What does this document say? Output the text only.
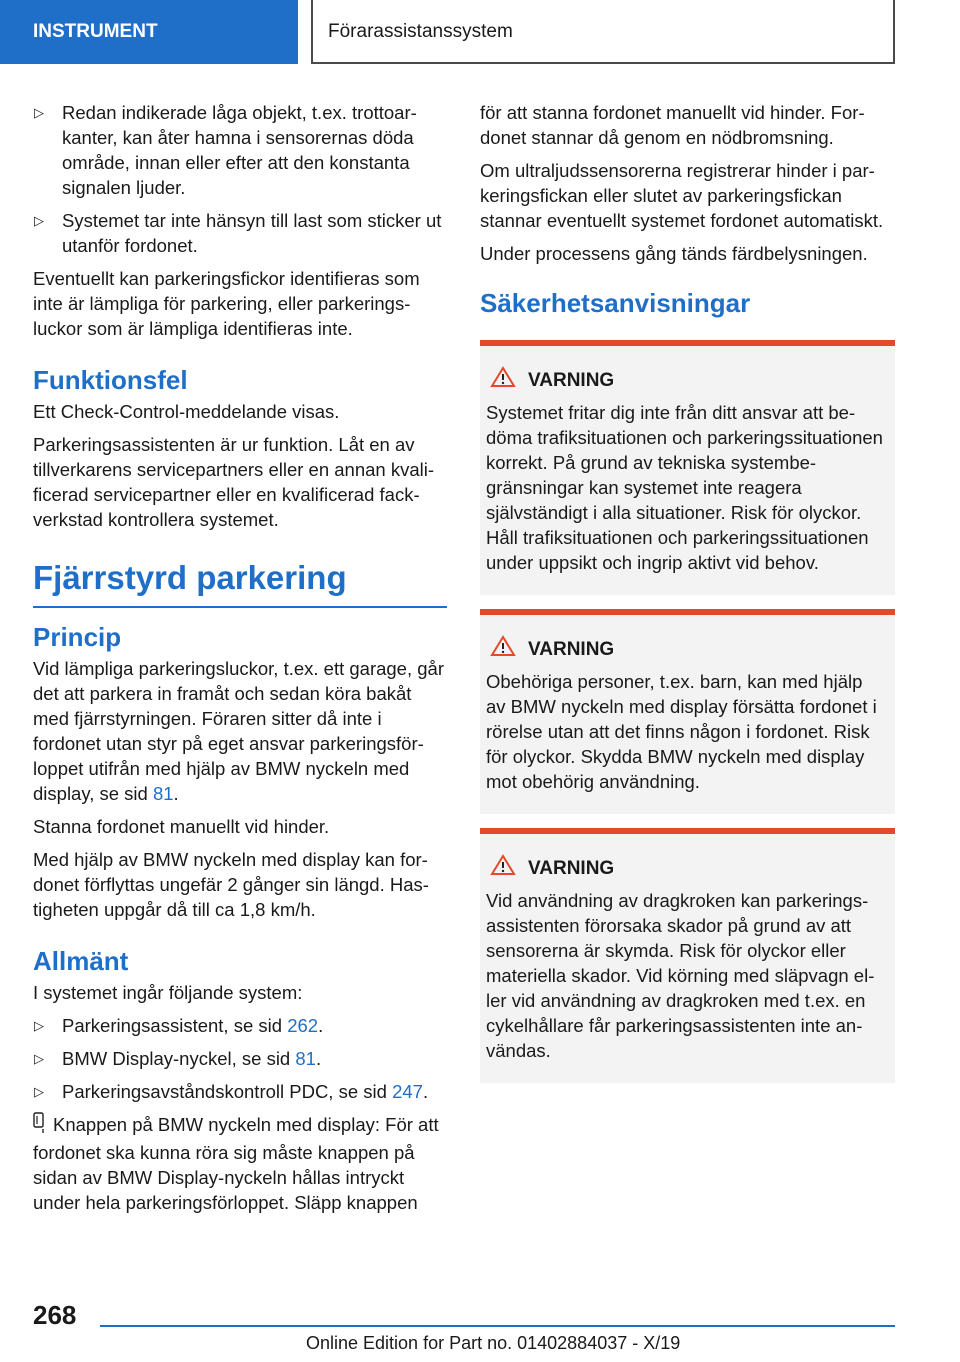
INSTRUMENT	Förarassistanssystem
▷ Redan indikerade låga objekt, t.ex. trottoarkanter, kan åter hamna i sensorernas döda område, innan eller efter att den konstanta signalen ljuder.
▷ Systemet tar inte hänsyn till last som sticker ut utanför fordonet.

Eventuellt kan parkeringsfickor identifieras som inte är lämpliga för parkering, eller parkeringsluckor som är lämpliga identifieras inte.

Funktionsfel

Ett Check-Control-meddelande visas.

Parkeringsassistenten är ur funktion. Låt en av tillverkarens servicepartners eller en annan kvalificerad servicepartner eller en kvalificerad fackverkstad kontrollera systemet.

Fjärrstyrd parkering
Princip

Vid lämpliga parkeringsluckor, t.ex. ett garage, går det att parkera in framåt och sedan köra bakåt med fjärrstyrningen. Föraren sitter då inte i fordonet utan styr på eget ansvar parkeringsförloppet utifrån med hjälp av BMW nyckeln med display, se sid 81.

Stanna fordonet manuellt vid hinder.

Med hjälp av BMW nyckeln med display kan fordonet förflyttas ungefär 2 gånger sin längd. Hastigheten uppgår då till ca 1,8 km/h.

Allmänt

I systemet ingår följande system:

▷ Parkeringsassistent, se sid 262.
▷ BMW Display-nyckel, se sid 81.
▷ Parkeringsavståndskontroll PDC, se sid 247.

Knappen på BMW nyckeln med display: För att fordonet ska kunna röra sig måste knappen på sidan av BMW Display-nyckeln hållas intryckt under hela parkeringsförloppet. Släpp knappen

för att stanna fordonet manuellt vid hinder. Fordonet stannar då genom en nödbromsning.

Om ultraljudssensorerna registrerar hinder i parkeringsfickan eller slutet av parkeringsfickan stannar eventuellt systemet fordonet automatiskt.

Under processens gång tänds färdbelysningen.

Säkerhetsanvisningar
VARNING
Systemet fritar dig inte från ditt ansvar att bedöma trafiksituationen och parkeringssituationen korrekt. På grund av tekniska systembegränsningar kan systemet inte reagera självständigt i alla situationer. Risk för olyckor. Håll trafiksituationen och parkeringssituationen under uppsikt och ingrip aktivt vid behov.
VARNING
Obehöriga personer, t.ex. barn, kan med hjälp av BMW nyckeln med display försätta fordonet i rörelse utan att det finns någon i fordonet. Risk för olyckor. Skydda BMW nyckeln med display mot obehörig användning.
VARNING
Vid användning av dragkroken kan parkeringsassistenten förorsaka skador på grund av att sensorerna är skymda. Risk för olyckor eller materiella skador. Vid körning med släpvagn eller vid användning av dragkroken med t.ex. en cykelhållare får parkeringsassistenten inte användas.
268
Online Edition for Part no. 01402884037 - X/19
